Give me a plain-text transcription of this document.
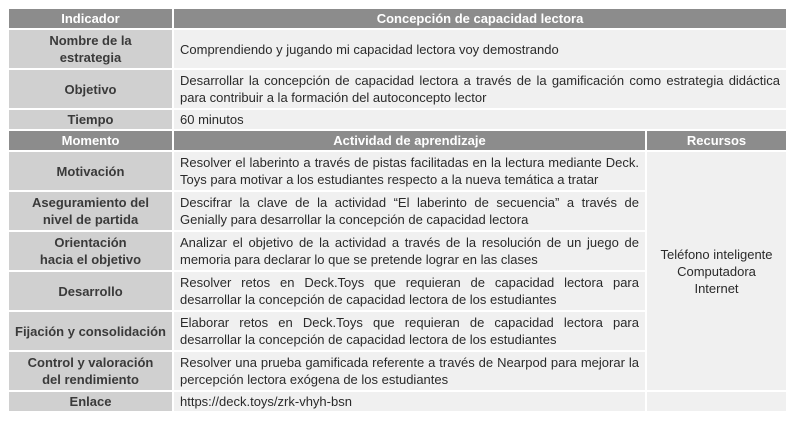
Indicador	Concepción de capacidad lectora	

Nombre de la
estrategia	Comprendiendo y jugando mi capacidad lectora voy demostrando	
Objetivo	Desarrollar la concepción de capacidad lectora a través de la gamificación como estrategia didáctica para contribuir a la formación del autoconcepto lector	
Tiempo	60 minutos	
Momento	Actividad de aprendizaje	Recursos
Motivación	Resolver el laberinto a través de pistas facilitadas en la lectura mediante Deck. Toys para motivar a los estudiantes respecto a la nueva temática a tratar	Teléfono inteligente
Computadora
Internet

Aseguramiento del
nivel de partida	Descifrar la clave de la actividad “El laberinto de secuencia” a través de Genially para desarrollar la concepción de capacidad lectora	

Orientación
hacia el objetivo	Analizar el objetivo de la actividad a través de la resolución de un juego de memoria para declarar lo que se pretende lograr en las clases	
Desarrollo	Resolver retos en Deck.Toys que requieran de capacidad lectora para desarrollar la concepción de capacidad lectora de los estudiantes	
Fijación y consolidación	Elaborar retos en Deck.Toys que requieran de capacidad lectora para desarrollar la concepción de capacidad lectora de los estudiantes	

Control y valoración
del rendimiento	Resolver una prueba gamificada referente a través de Nearpod para mejorar la percepción lectora exógena de los estudiantes	
Enlace	https://deck.toys/zrk-vhyh-bsn	
